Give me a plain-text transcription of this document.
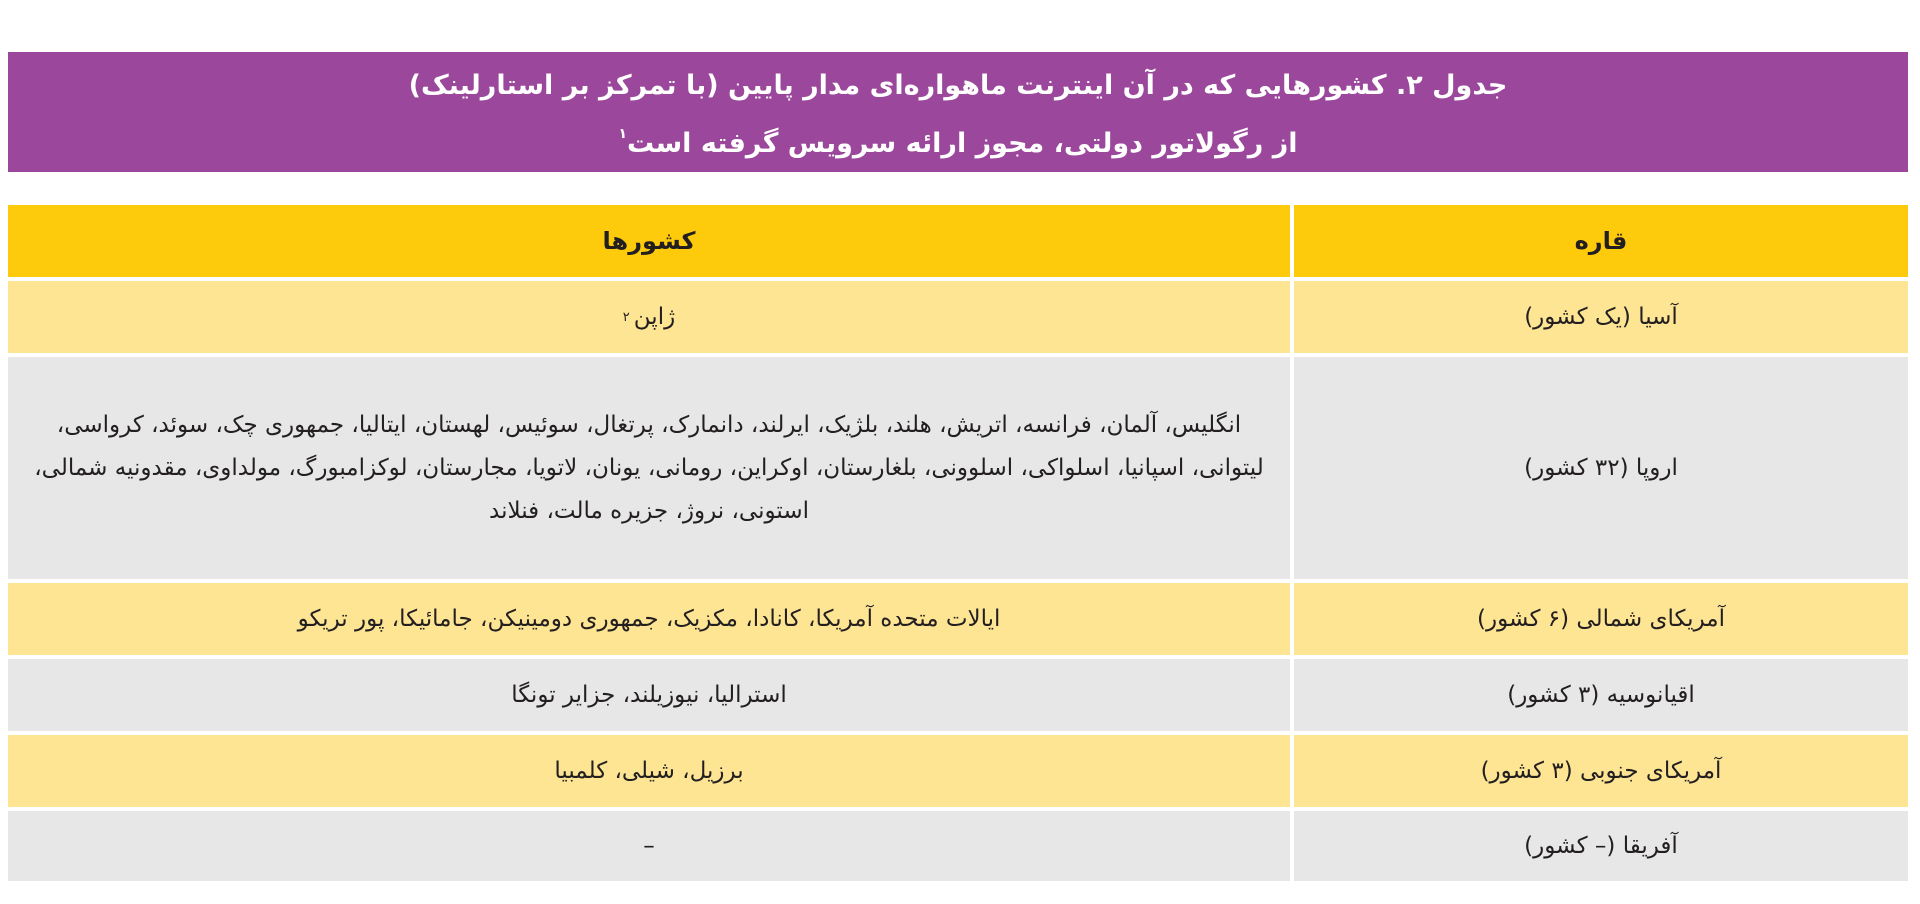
جدول ۲. کشورهایی که در آن اینترنت ماهواره‌ای مدار پایین (با تمرکز بر استارلینک)
از رگولاتور دولتی، مجوز ارائه سرویس گرفته است$^۱$
قاره
کشورها
آسیا (یک کشور)
ژاپن
۲
اروپا (۳۲ کشور)
انگلیس، آلمان، فرانسه، اتریش، هلند، بلژیک، ایرلند، دانمارک، پرتغال، سوئیس، لهستان، ایتالیا، جمهوری چک، سوئد، کرواسی، لیتوانی، اسپانیا، اسلواکی، اسلوونی، بلغارستان، اوکراین، رومانی، یونان، لاتویا، مجارستان، لوکزامبورگ، مولداوی، مقدونیه شمالی، استونی، نروژ، جزیره مالت، فنلاند
آمریکای شمالی (۶ کشور)
ایالات متحده آمریکا، کانادا، مکزیک، جمهوری دومینیکن، جامائیکا، پور تریکو
اقیانوسیه (۳ کشور)
استرالیا، نیوزیلند، جزایر تونگا
آمریکای جنوبی (۳ کشور)
برزیل، شیلی، کلمبیا
آفریقا (– کشور)
–
